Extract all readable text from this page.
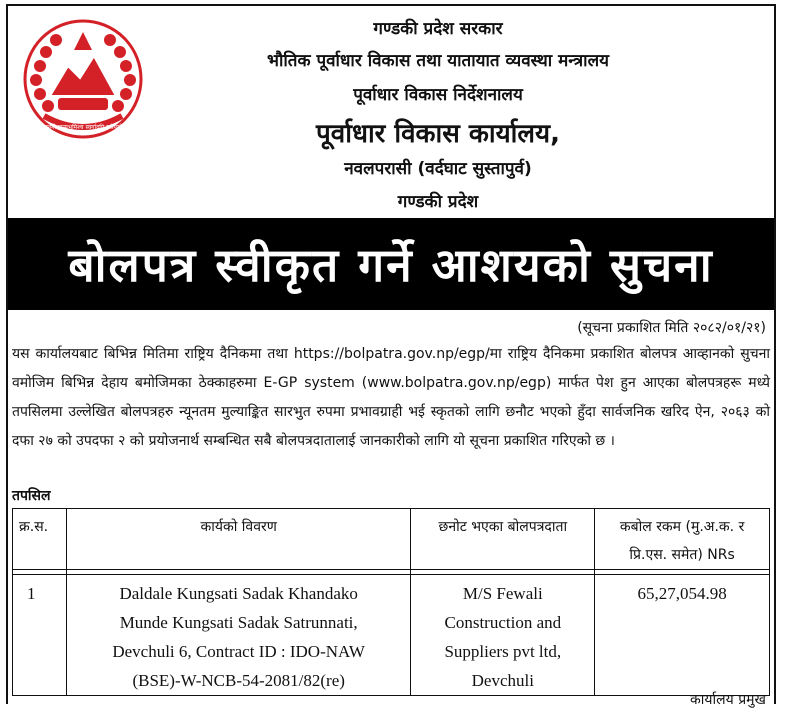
जननी जन्मभूमिश्च स्वर्गादपि गरीयसी
गण्डकी प्रदेश सरकार
भौतिक पूर्वाधार विकास तथा यातायात व्यवस्था मन्त्रालय
पूर्वाधार विकास निर्देशनालय
पूर्वाधार विकास कार्यालय,
नवलपरासी (वर्दघाट सुस्तापुर्व)
गण्डकी प्रदेश
बोलपत्र स्वीकृत गर्ने आशयको सुचना
(सूचना प्रकाशित मिति २०८२/०१/२१)
यस कार्यालयबाट बिभिन्न मितिमा राष्ट्रिय दैनिकमा तथा https://bolpatra.gov.np/egp/मा राष्ट्रिय दैनिकमा प्रकाशित बोलपत्र आव्हानको सुचना वमोजिम बिभिन्न देहाय बमोजिमका ठेक्काहरुमा E-GP system (www.bolpatra.gov.np/egp) मार्फत पेश हुन आएका बोलपत्रहरू मध्ये तपसिलमा उल्लेखित बोलपत्रहरु न्यूनतम मुल्याङ्कित सारभुत रुपमा प्रभावग्राही भई स्कृतको लागि छनौट भएको हुँदा सार्वजनिक खरिद ऐन, २०६३ को दफा २७ को उपदफा २ को प्रयोजनार्थ सम्बन्धित सबै बोलपत्रदातालाई जानकारीको लागि यो सूचना प्रकाशित गरिएको छ ।
तपसिल
क्र.स.	कार्यको विवरण	छनोट भएका बोलपत्रदाता	कबोल रकम (मु.अ.क. र प्रि.एस. समेत) NRs

1	Daldale Kungsati Sadak Khandako Munde Kungsati Sadak Satrunnati, Devchuli 6, Contract ID : IDO-NAW (BSE)-W-NCB-54-2081/82(re)	M/S Fewali Construction and Suppliers pvt ltd, Devchuli	65,27,054.98
कार्यालय प्रमुख
